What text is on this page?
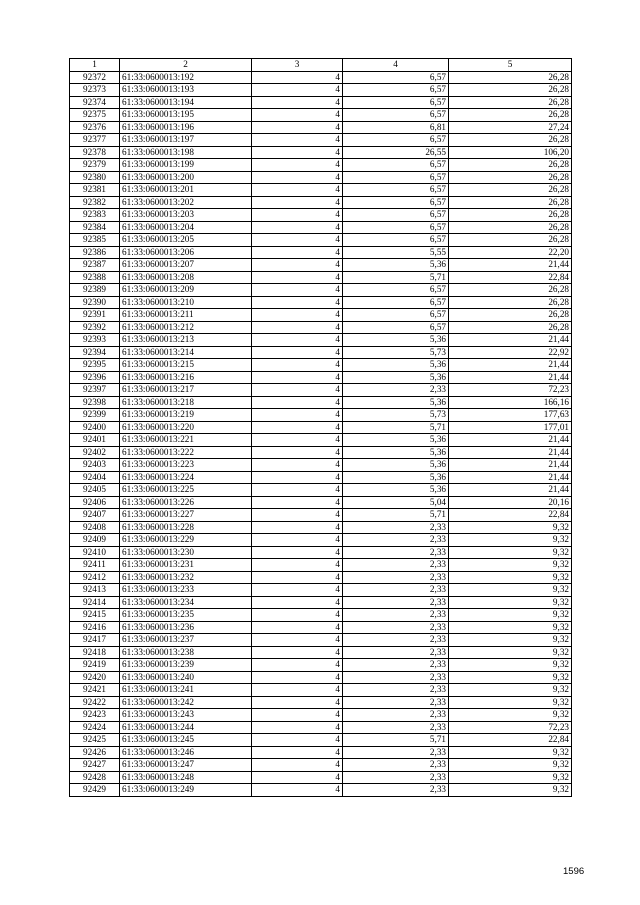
1	2	3	4	5
92372	61:33:0600013:192	4	6,57	26,28
92373	61:33:0600013:193	4	6,57	26,28
92374	61:33:0600013:194	4	6,57	26,28
92375	61:33:0600013:195	4	6,57	26,28
92376	61:33:0600013:196	4	6,81	27,24
92377	61:33:0600013:197	4	6,57	26,28
92378	61:33:0600013:198	4	26,55	106,20
92379	61:33:0600013:199	4	6,57	26,28
92380	61:33:0600013:200	4	6,57	26,28
92381	61:33:0600013:201	4	6,57	26,28
92382	61:33:0600013:202	4	6,57	26,28
92383	61:33:0600013:203	4	6,57	26,28
92384	61:33:0600013:204	4	6,57	26,28
92385	61:33:0600013:205	4	6,57	26,28
92386	61:33:0600013:206	4	5,55	22,20
92387	61:33:0600013:207	4	5,36	21,44
92388	61:33:0600013:208	4	5,71	22,84
92389	61:33:0600013:209	4	6,57	26,28
92390	61:33:0600013:210	4	6,57	26,28
92391	61:33:0600013:211	4	6,57	26,28
92392	61:33:0600013:212	4	6,57	26,28
92393	61:33:0600013:213	4	5,36	21,44
92394	61:33:0600013:214	4	5,73	22,92
92395	61:33:0600013:215	4	5,36	21,44
92396	61:33:0600013:216	4	5,36	21,44
92397	61:33:0600013:217	4	2,33	72,23
92398	61:33:0600013:218	4	5,36	166,16
92399	61:33:0600013:219	4	5,73	177,63
92400	61:33:0600013:220	4	5,71	177,01
92401	61:33:0600013:221	4	5,36	21,44
92402	61:33:0600013:222	4	5,36	21,44
92403	61:33:0600013:223	4	5,36	21,44
92404	61:33:0600013:224	4	5,36	21,44
92405	61:33:0600013:225	4	5,36	21,44
92406	61:33:0600013:226	4	5,04	20,16
92407	61:33:0600013:227	4	5,71	22,84
92408	61:33:0600013:228	4	2,33	9,32
92409	61:33:0600013:229	4	2,33	9,32
92410	61:33:0600013:230	4	2,33	9,32
92411	61:33:0600013:231	4	2,33	9,32
92412	61:33:0600013:232	4	2,33	9,32
92413	61:33:0600013:233	4	2,33	9,32
92414	61:33:0600013:234	4	2,33	9,32
92415	61:33:0600013:235	4	2,33	9,32
92416	61:33:0600013:236	4	2,33	9,32
92417	61:33:0600013:237	4	2,33	9,32
92418	61:33:0600013:238	4	2,33	9,32
92419	61:33:0600013:239	4	2,33	9,32
92420	61:33:0600013:240	4	2,33	9,32
92421	61:33:0600013:241	4	2,33	9,32
92422	61:33:0600013:242	4	2,33	9,32
92423	61:33:0600013:243	4	2,33	9,32
92424	61:33:0600013:244	4	2,33	72,23
92425	61:33:0600013:245	4	5,71	22,84
92426	61:33:0600013:246	4	2,33	9,32
92427	61:33:0600013:247	4	2,33	9,32
92428	61:33:0600013:248	4	2,33	9,32
92429	61:33:0600013:249	4	2,33	9,32
1596
